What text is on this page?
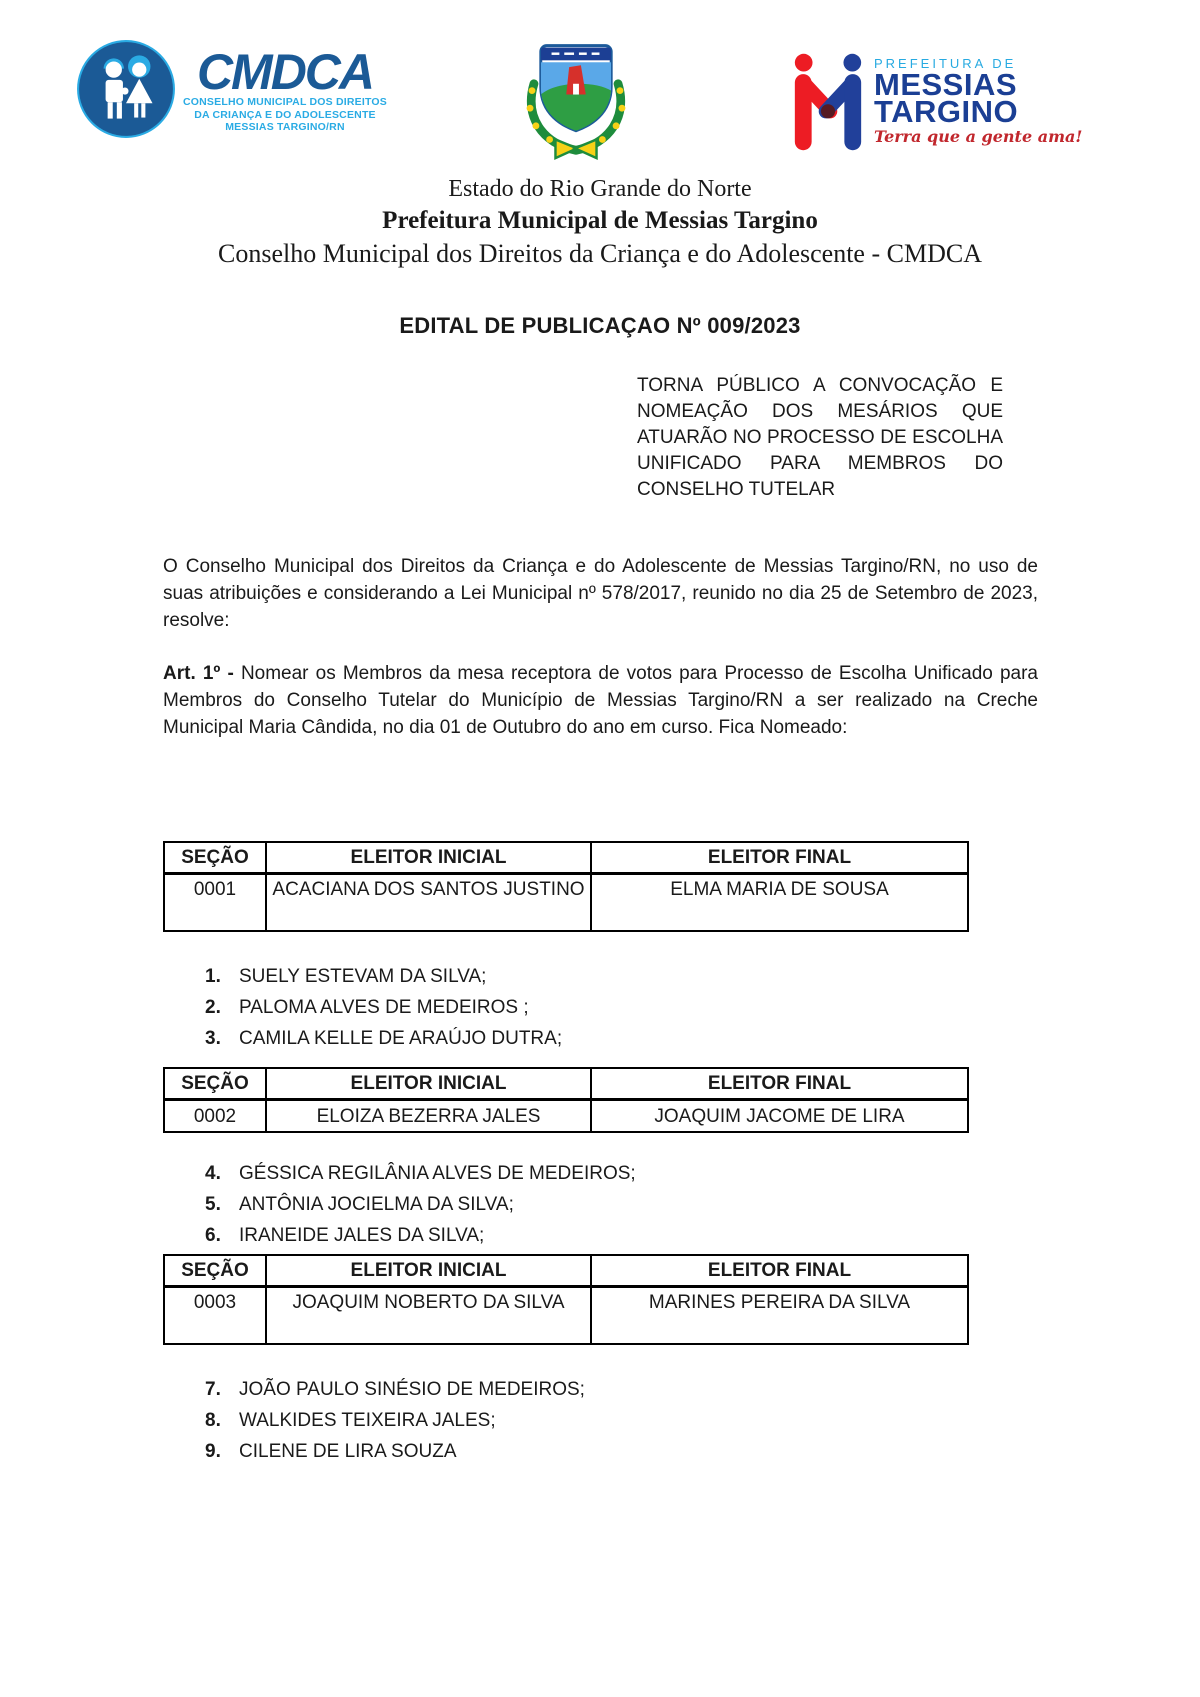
CMDCA
CONSELHO MUNICIPAL DOS DIREITOS
DA CRIANÇA E DO ADOLESCENTE
MESSIAS TARGINO/RN
PREFEITURA DE
MESSIAS
TARGINO
Terra que a gente ama!
Estado do Rio Grande do Norte
Prefeitura Municipal de Messias Targino
Conselho Municipal dos Direitos da Criança e do Adolescente - CMDCA
EDITAL DE PUBLICAÇAO Nº 009/2023
TORNA PÚBLICO A CONVOCAÇÃO E NOMEAÇÃO DOS MESÁRIOS QUE ATUARÃO NO PROCESSO DE ESCOLHA UNIFICADO PARA MEMBROS DO CONSELHO TUTELAR
O Conselho Municipal dos Direitos da Criança e do Adolescente de Messias Targino/RN, no uso de suas atribuições e considerando a Lei Municipal nº 578/2017, reunido no dia 25 de Setembro de 2023, resolve:
Art. 1º - Nomear os Membros da mesa receptora de votos para Processo de Escolha Unificado para Membros do Conselho Tutelar do Município de Messias Targino/RN a ser realizado na Creche Municipal Maria Cândida, no dia 01 de Outubro do ano em curso. Fica Nomeado:
SEÇÃO	ELEITOR INICIAL	ELEITOR FINAL
0001	ACACIANA DOS SANTOS JUSTINO	ELMA MARIA DE SOUSA
1. SUELY ESTEVAM DA SILVA;
2. PALOMA ALVES DE MEDEIROS ;
3. CAMILA KELLE DE ARAÚJO DUTRA;
SEÇÃO	ELEITOR INICIAL	ELEITOR FINAL
0002	ELOIZA BEZERRA JALES	JOAQUIM JACOME DE LIRA
4. GÉSSICA REGILÂNIA ALVES DE MEDEIROS;
5. ANTÔNIA JOCIELMA DA SILVA;
6. IRANEIDE JALES DA SILVA;
SEÇÃO	ELEITOR INICIAL	ELEITOR FINAL
0003	JOAQUIM NOBERTO DA SILVA	MARINES PEREIRA DA SILVA
7. JOÃO PAULO SINÉSIO DE MEDEIROS;
8. WALKIDES TEIXEIRA JALES;
9. CILENE DE LIRA SOUZA
